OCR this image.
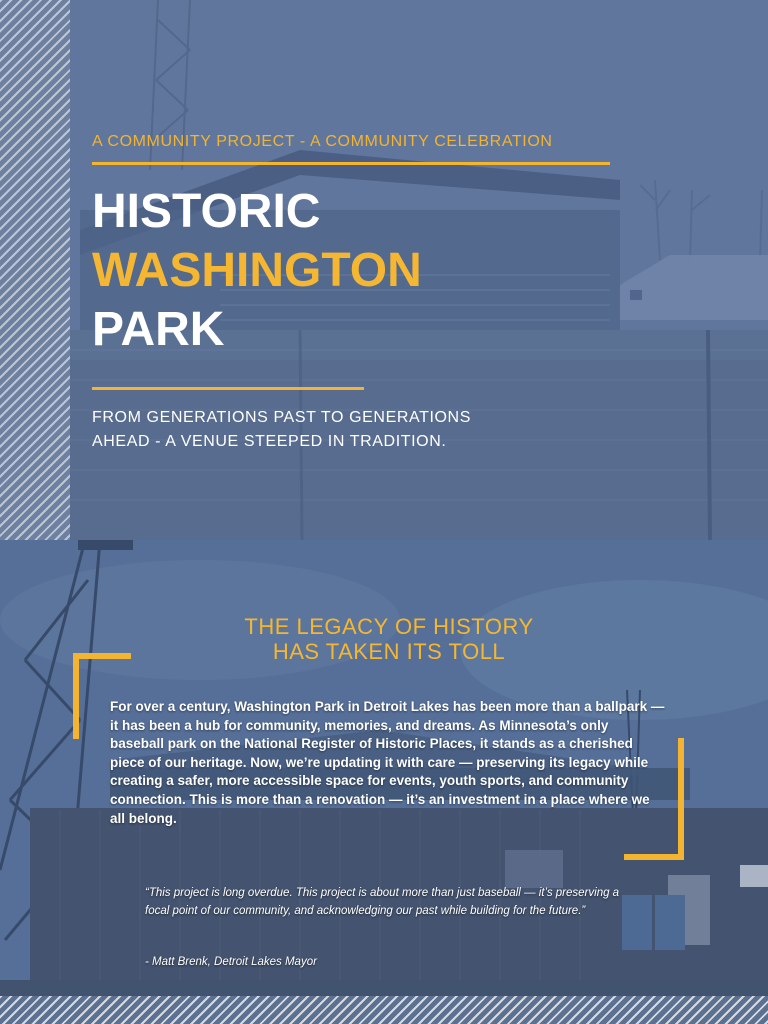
A COMMUNITY PROJECT - A COMMUNITY CELEBRATION
HISTORIC
WASHINGTON
PARK
FROM GENERATIONS PAST TO GENERATIONS AHEAD - A VENUE STEEPED IN TRADITION.
THE LEGACY OF HISTORY
HAS TAKEN ITS TOLL

For over a century, Washington Park in Detroit Lakes has been more than a ballpark — it has been a hub for community, memories, and dreams. As Minnesota’s only baseball park on the National Register of Historic Places, it stands as a cherished piece of our heritage. Now, we’re updating it with care — preserving its legacy while creating a safer, more accessible space for events, youth sports, and community connection. This is more than a renovation — it’s an investment in a place where we all belong.

“This project is long overdue. This project is about more than just baseball — it’s preserving a focal point of our community, and acknowledging our past while building for the future.”

- Matt Brenk, Detroit Lakes Mayor
